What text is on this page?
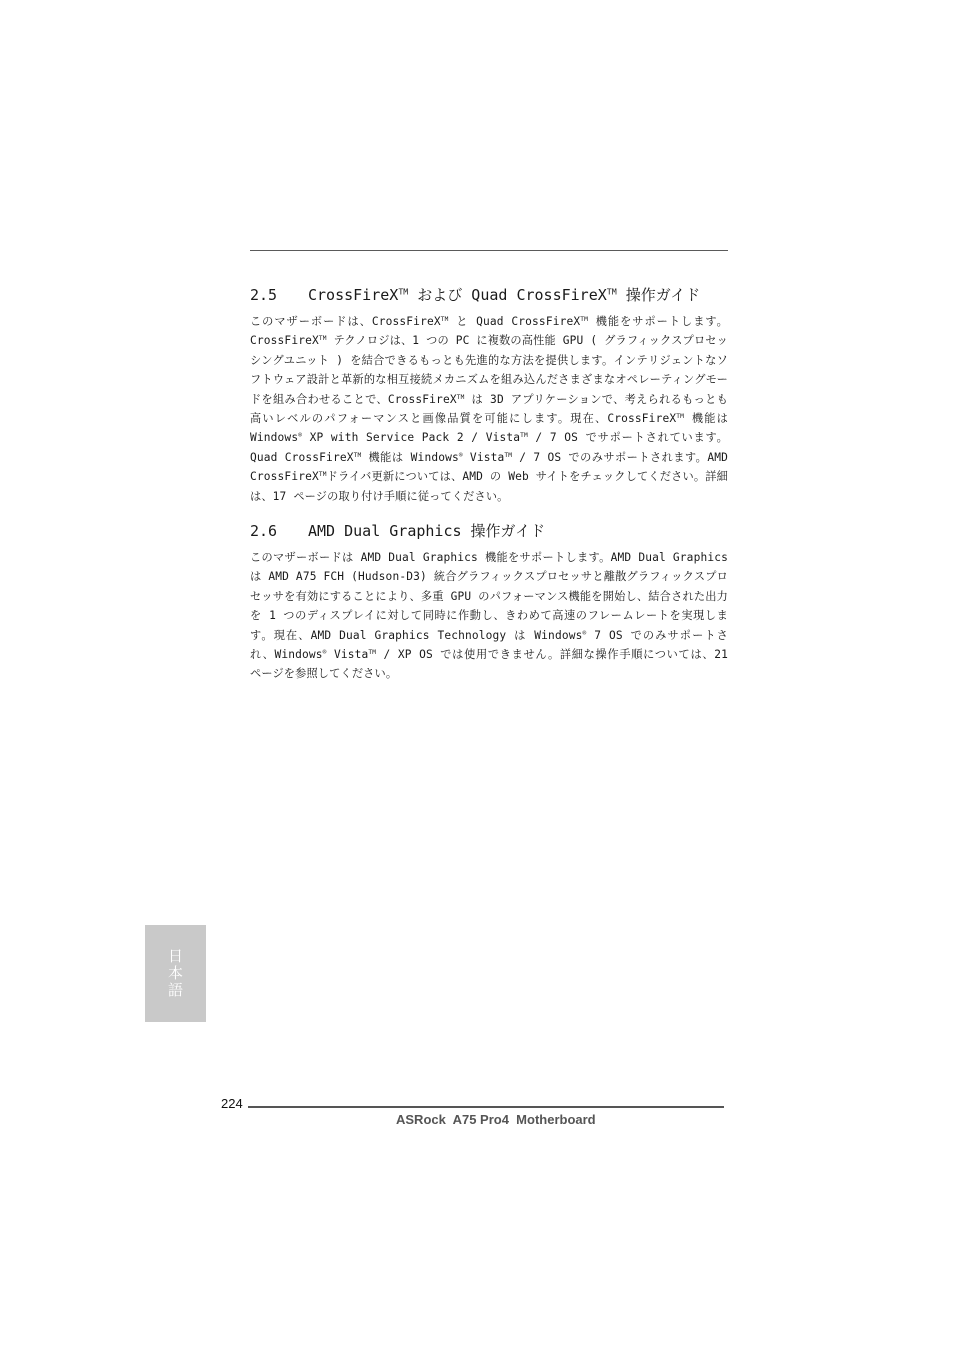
2.5	CrossFireX™ および Quad CrossFireX™ 操作ガイド

このマザーボードは、CrossFireX™ と Quad CrossFireX™ 機能をサポートします。CrossFireX™ テクノロジは、1 つの PC に複数の高性能 GPU ( グラフィックスプロセッシングユニット ) を結合できるもっとも先進的な方法を提供します。インテリジェントなソフトウェア設計と革新的な相互接続メカニズムを組み込んださまざまなオペレーティングモードを組み合わせることで、CrossFireX™ は 3D アプリケーションで、考えられるもっとも高いレベルのパフォーマンスと画像品質を可能にします。現在、CrossFireX™ 機能は Windows® XP with Service Pack 2 / Vista™ / 7 OS でサポートされています。Quad CrossFireX™ 機能は Windows® Vista™ / 7 OS でのみサポートされます。AMD CrossFireX™ドライバ更新については、AMD の Web サイトをチェックしてください。詳細は、17 ページの取り付け手順に従ってください。

2.6	AMD Dual Graphics 操作ガイド

このマザーボードは AMD Dual Graphics 機能をサポートします。AMD Dual Graphics は AMD A75 FCH (Hudson-D3) 統合グラフィックスプロセッサと離散グラフィックスプロセッサを有効にすることにより、多重 GPU のパフォーマンス機能を開始し、結合された出力を 1 つのディスプレイに対して同時に作動し、きわめて高速のフレームレートを実現します。現在、AMD Dual Graphics Technology は Windows® 7 OS でのみサポートされ、Windows® Vista™ / XP OS では使用できません。詳細な操作手順については、21 ページを参照してください。

日本語
224
ASRock  A75 Pro4  Motherboard
